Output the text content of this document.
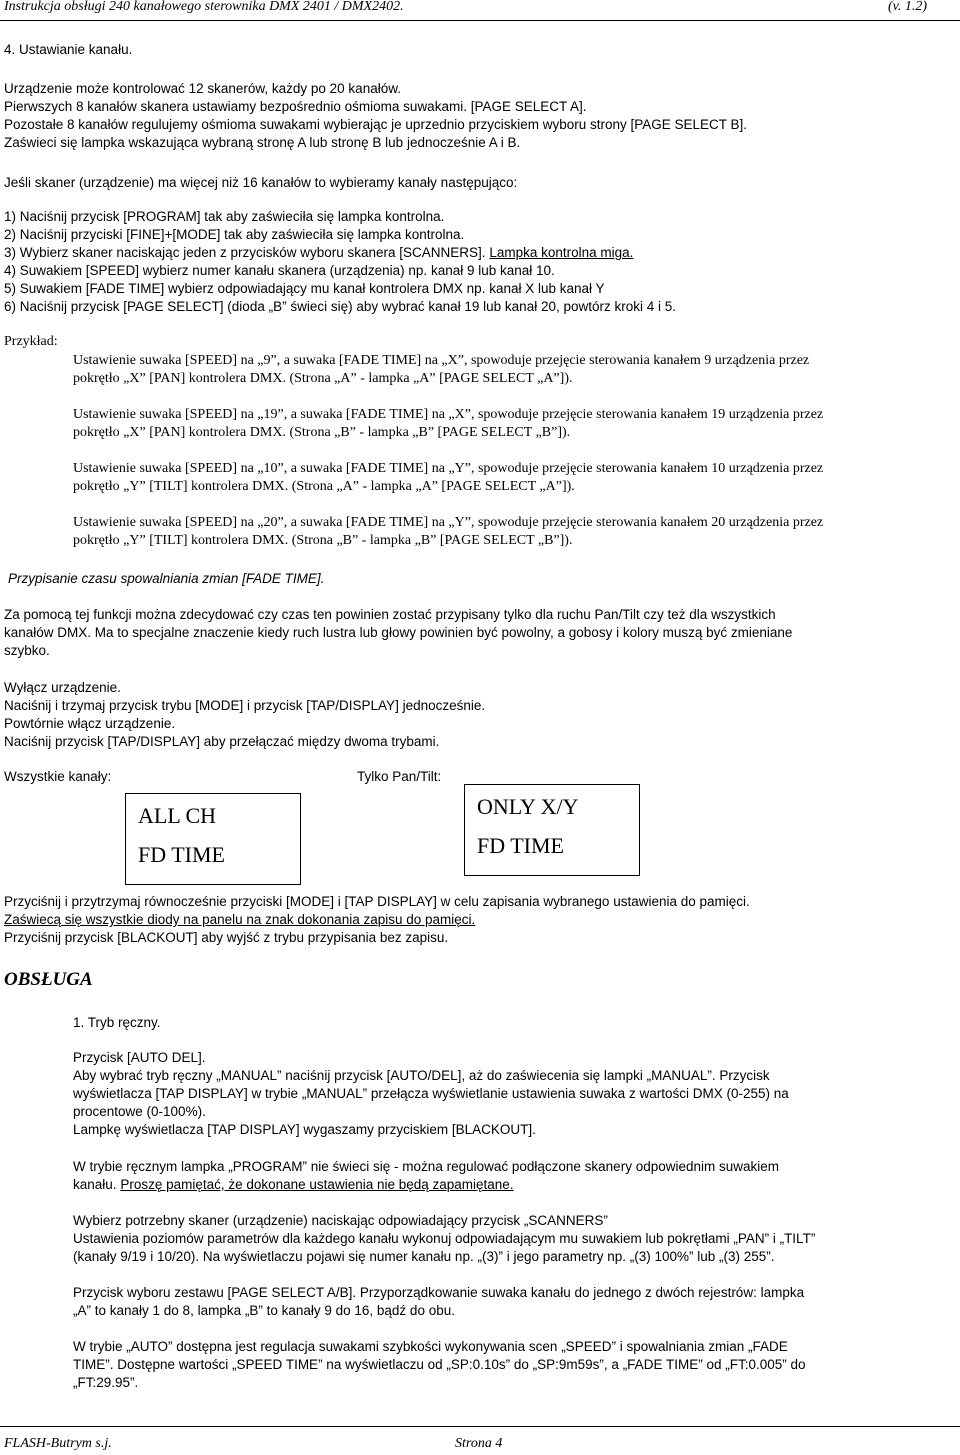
Instrukcja obsługi 240 kanałowego sterownika DMX 2401 / DMX2402.	(v. 1.2)
4. Ustawianie kanału.

Urządzenie może kontrolować 12 skanerów, każdy po 20 kanałów.

Pierwszych 8 kanałów skanera ustawiamy bezpośrednio ośmioma suwakami. [PAGE SELECT A].

Pozostałe 8 kanałów regulujemy ośmioma suwakami wybierając je uprzednio przyciskiem wyboru strony [PAGE SELECT B].

Zaświeci się lampka wskazująca wybraną stronę A lub stronę B lub jednocześnie A i B.

Jeśli skaner (urządzenie) ma więcej niż 16 kanałów to wybieramy kanały następująco:

1) Naciśnij przycisk [PROGRAM] tak aby zaświeciła się lampka kontrolna.

2) Naciśnij przyciski [FINE]+[MODE] tak aby zaświeciła się lampka kontrolna.

3) Wybierz skaner naciskając jeden z przycisków wyboru skanera [SCANNERS]. Lampka kontrolna miga.

4) Suwakiem [SPEED] wybierz numer kanału skanera (urządzenia) np. kanał 9 lub kanał 10.

5) Suwakiem [FADE TIME] wybierz odpowiadający mu kanał kontrolera DMX np. kanał X lub kanał Y

6) Naciśnij przycisk [PAGE SELECT] (dioda „B” świeci się) aby wybrać kanał 19 lub kanał 20, powtórz kroki 4 i 5.

Przykład:

Ustawienie suwaka [SPEED] na „9”, a suwaka [FADE TIME] na „X”, spowoduje przejęcie sterowania kanałem 9 urządzenia przez

pokrętło „X” [PAN] kontrolera DMX. (Strona „A” - lampka „A” [PAGE SELECT „A”]).

Ustawienie suwaka [SPEED] na „19”, a suwaka [FADE TIME] na „X”, spowoduje przejęcie sterowania kanałem 19 urządzenia przez

pokrętło „X” [PAN] kontrolera DMX. (Strona „B” - lampka „B” [PAGE SELECT „B”]).

Ustawienie suwaka [SPEED] na „10”, a suwaka [FADE TIME] na „Y”, spowoduje przejęcie sterowania kanałem 10 urządzenia przez

pokrętło „Y” [TILT] kontrolera DMX. (Strona „A” - lampka „A” [PAGE SELECT „A”]).

Ustawienie suwaka [SPEED] na „20”, a suwaka [FADE TIME] na „Y”, spowoduje przejęcie sterowania kanałem 20 urządzenia przez

pokrętło „Y” [TILT] kontrolera DMX. (Strona „B” - lampka „B” [PAGE SELECT „B”]).

Przypisanie czasu spowalniania zmian [FADE TIME].

Za pomocą tej funkcji można zdecydować czy czas ten powinien zostać przypisany tylko dla ruchu Pan/Tilt czy też dla wszystkich

kanałów DMX. Ma to specjalne znaczenie kiedy ruch lustra lub głowy powinien być powolny, a gobosy i kolory muszą być zmieniane

szybko.

Wyłącz urządzenie.

Naciśnij i trzymaj przycisk trybu [MODE] i przycisk [TAP/DISPLAY] jednocześnie.

Powtórnie włącz urządzenie.

Naciśnij przycisk [TAP/DISPLAY] aby przełączać między dwoma trybami.

Wszystkie kanały:	Tylko Pan/Tilt:
ALL CH
FD TIME
ONLY X/Y
FD TIME

Przyciśnij i przytrzymaj równocześnie przyciski [MODE] i [TAP DISPLAY] w celu zapisania wybranego ustawienia do pamięci.

Zaświecą się wszystkie diody na panelu na znak dokonania zapisu do pamięci.

Przyciśnij przycisk [BLACKOUT] aby wyjść z trybu przypisania bez zapisu.

OBSŁUGA
1. Tryb ręczny.

Przycisk [AUTO DEL].

Aby wybrać tryb ręczny „MANUAL” naciśnij przycisk [AUTO/DEL], aż do zaświecenia się lampki „MANUAL”. Przycisk

wyświetlacza [TAP DISPLAY] w trybie „MANUAL” przełącza wyświetlanie ustawienia suwaka z wartości DMX (0-255) na

procentowe (0-100%).

Lampkę wyświetlacza [TAP DISPLAY] wygaszamy przyciskiem [BLACKOUT].

W trybie ręcznym lampka „PROGRAM” nie świeci się - można regulować podłączone skanery odpowiednim suwakiem

kanału. Proszę pamiętać, że dokonane ustawienia nie będą zapamiętane.

Wybierz potrzebny skaner (urządzenie) naciskając odpowiadający przycisk „SCANNERS”

Ustawienia poziomów parametrów dla każdego kanału wykonuj odpowiadającym mu suwakiem lub pokrętłami „PAN” i „TILT”

(kanały 9/19 i 10/20). Na wyświetlaczu pojawi się numer kanału np. „(3)” i jego parametry np. „(3) 100%” lub „(3) 255”.

Przycisk wyboru zestawu [PAGE SELECT A/B]. Przyporządkowanie suwaka kanału do jednego z dwóch rejestrów: lampka

„A” to kanały 1 do 8, lampka „B” to kanały 9 do 16, bądź do obu.

W trybie „AUTO” dostępna jest regulacja suwakami szybkości wykonywania scen „SPEED” i spowalniania zmian „FADE

TIME”. Dostępne wartości „SPEED TIME” na wyświetlaczu od „SP:0.10s” do „SP:9m59s”, a „FADE TIME” od „FT:0.005” do

„FT:29.95”.

FLASH-Butrym s.j.	Strona 4
